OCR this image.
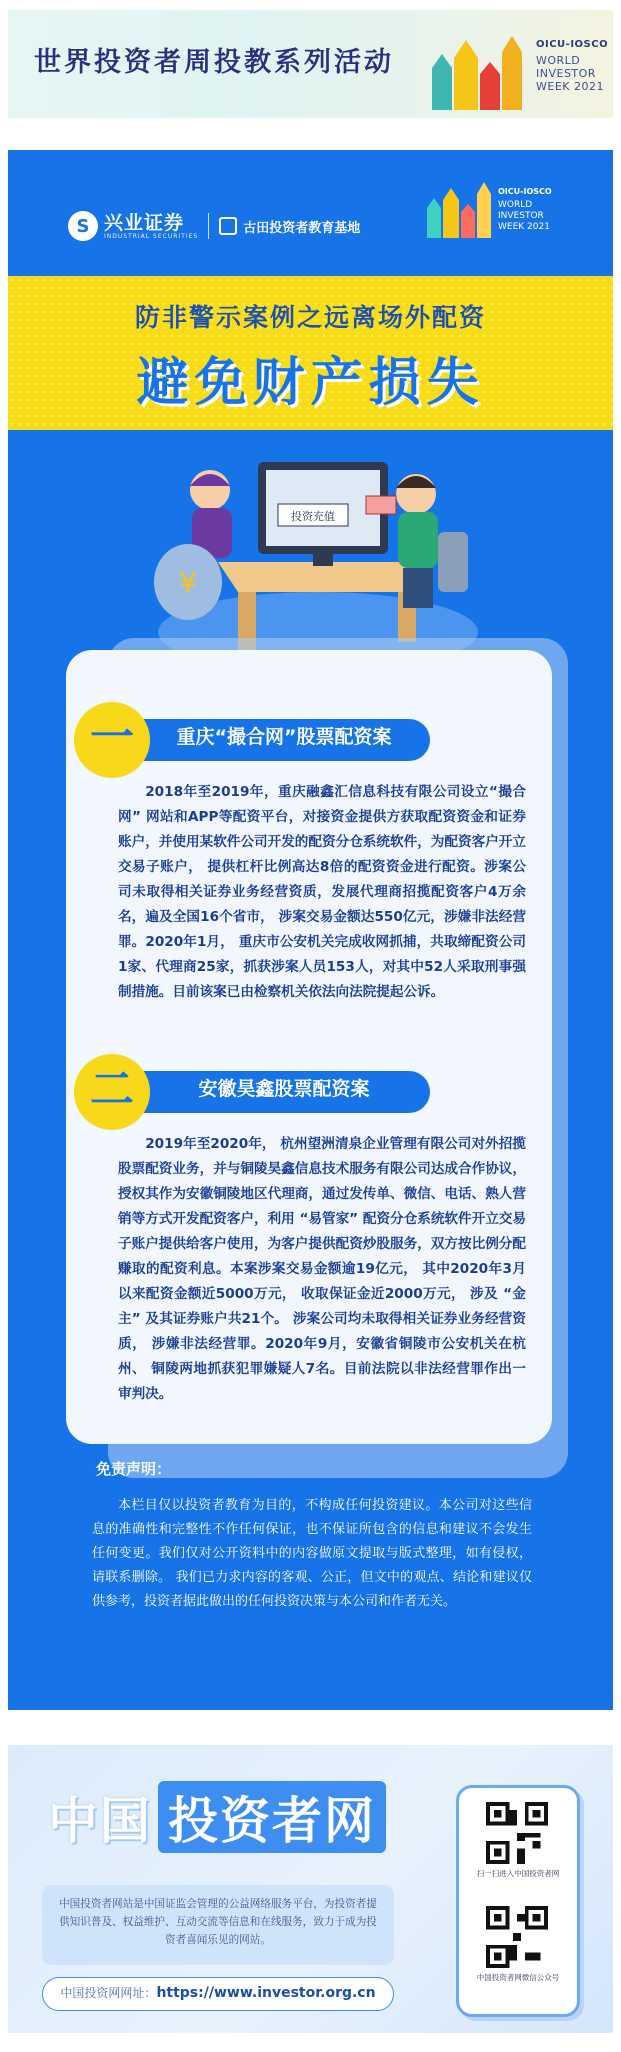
世界投资者周投教系列活动
OICU-IOSCO
WORLD
INVESTOR
WEEK 2021
S 兴业证券
INDUSTRIAL SECURITIES
古田投资者教育基地
OICU-IOSCO
WORLD
INVESTOR
WEEK 2021
防非警示案例之远离场外配资
避免财产损失
投资充值
¥
重庆“撮合网”股票配资案
一
2018年至2019年，重庆融鑫汇信息科技有限公司设立“撮合网” 网站和APP等配资平台，对接资金提供方获取配资资金和证券账户，并使用某软件公司开发的配资分仓系统软件，为配资客户开立交易子账户， 提供杠杆比例高达8倍的配资资金进行配资。涉案公司未取得相关证券业务经营资质，发展代理商招揽配资客户4万余名，遍及全国16个省市， 涉案交易金额达550亿元，涉嫌非法经营罪。2020年1月， 重庆市公安机关完成收网抓捕，共取缔配资公司1家、代理商25家，抓获涉案人员153人，对其中52人采取刑事强制措施。目前该案已由检察机关依法向法院提起公诉。
安徽昊鑫股票配资案
二
2019年至2020年， 杭州望洲清泉企业管理有限公司对外招揽股票配资业务，并与铜陵昊鑫信息技术服务有限公司达成合作协议，授权其作为安徽铜陵地区代理商，通过发传单、微信、电话、熟人营销等方式开发配资客户，利用 “易管家” 配资分仓系统软件开立交易子账户提供给客户使用，为客户提供配资炒股服务，双方按比例分配赚取的配资利息。本案涉案交易金额逾19亿元， 其中2020年3月以来配资金额近5000万元， 收取保证金近2000万元， 涉及 “金主” 及其证券账户共21个。 涉案公司均未取得相关证券业务经营资质， 涉嫌非法经营罪。2020年9月，安徽省铜陵市公安机关在杭州、 铜陵两地抓获犯罪嫌疑人7名。目前法院以非法经营罪作出一审判决。
免责声明：
本栏目仅以投资者教育为目的，不构成任何投资建议。本公司对这些信息的准确性和完整性不作任何保证，也不保证所包含的信息和建议不会发生任何变更。我们仅对公开资料中的内容做原文提取与版式整理，如有侵权，请联系删除。 我们已力求内容的客观、公正，但文中的观点、结论和建议仅供参考，投资者据此做出的任何投资决策与本公司和作者无关。
中国 投资者网
中国投资者网站是中国证监会管理的公益网络服务平台，为投资者提供知识普及、权益维护、互动交流等信息和在线服务，致力于成为投资者喜闻乐见的网站。
中国投资网网址：https://www.investor.org.cn
扫一扫进入中国投资者网
中国投资者网微信公众号
